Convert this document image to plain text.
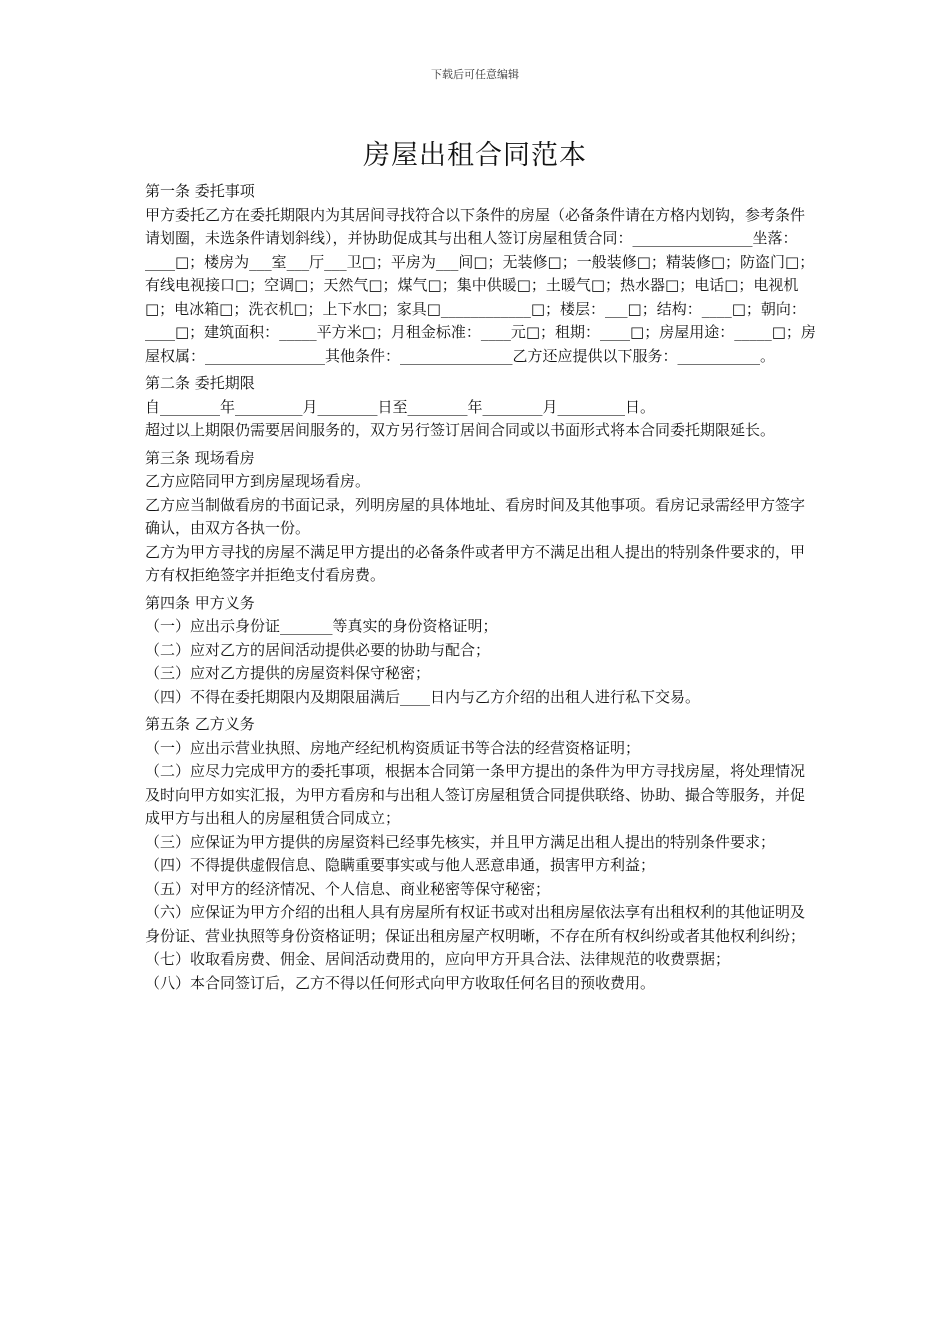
下载后可任意编辑
房屋出租合同范本
第一条 委托事项
甲方委托乙方在委托期限内为其居间寻找符合以下条件的房屋（必备条件请在方格内划钩，参考条件请划圈，未选条件请划斜线），并协助促成其与出租人签订房屋租赁合同：________________坐落：____□；楼房为___室___厅___卫□；平房为___间□；无装修□；一般装修□；精装修□；防盗门□；有线电视接口□；空调□；天然气□；煤气□；集中供暖□；土暖气□；热水器□；电话□；电视机□；电冰箱□；洗衣机□；上下水□；家具□____________□；楼层：___□；结构：____□；朝向：____□；建筑面积：_____平方米□；月租金标准：____元□；租期：____□；房屋用途：_____□；房屋权属：________________其他条件：_______________乙方还应提供以下服务：___________。
第二条 委托期限
自________年_________月________日至________年________月_________日。
超过以上期限仍需要居间服务的，双方另行签订居间合同或以书面形式将本合同委托期限延长。
第三条 现场看房
乙方应陪同甲方到房屋现场看房。
乙方应当制做看房的书面记录，列明房屋的具体地址、看房时间及其他事项。看房记录需经甲方签字确认，由双方各执一份。
乙方为甲方寻找的房屋不满足甲方提出的必备条件或者甲方不满足出租人提出的特别条件要求的，甲方有权拒绝签字并拒绝支付看房费。
第四条 甲方义务
（一）应出示身份证_______等真实的身份资格证明；
（二）应对乙方的居间活动提供必要的协助与配合；
（三）应对乙方提供的房屋资料保守秘密；
（四）不得在委托期限内及期限届满后____日内与乙方介绍的出租人进行私下交易。
第五条 乙方义务
（一）应出示营业执照、房地产经纪机构资质证书等合法的经营资格证明；
（二）应尽力完成甲方的委托事项，根据本合同第一条甲方提出的条件为甲方寻找房屋，将处理情况及时向甲方如实汇报，为甲方看房和与出租人签订房屋租赁合同提供联络、协助、撮合等服务，并促成甲方与出租人的房屋租赁合同成立；
（三）应保证为甲方提供的房屋资料已经事先核实，并且甲方满足出租人提出的特别条件要求；
（四）不得提供虚假信息、隐瞒重要事实或与他人恶意串通，损害甲方利益；
（五）对甲方的经济情况、个人信息、商业秘密等保守秘密；
（六）应保证为甲方介绍的出租人具有房屋所有权证书或对出租房屋依法享有出租权利的其他证明及身份证、营业执照等身份资格证明；保证出租房屋产权明晰，不存在所有权纠纷或者其他权利纠纷；
（七）收取看房费、佣金、居间活动费用的，应向甲方开具合法、法律规范的收费票据；
（八）本合同签订后，乙方不得以任何形式向甲方收取任何名目的预收费用。
